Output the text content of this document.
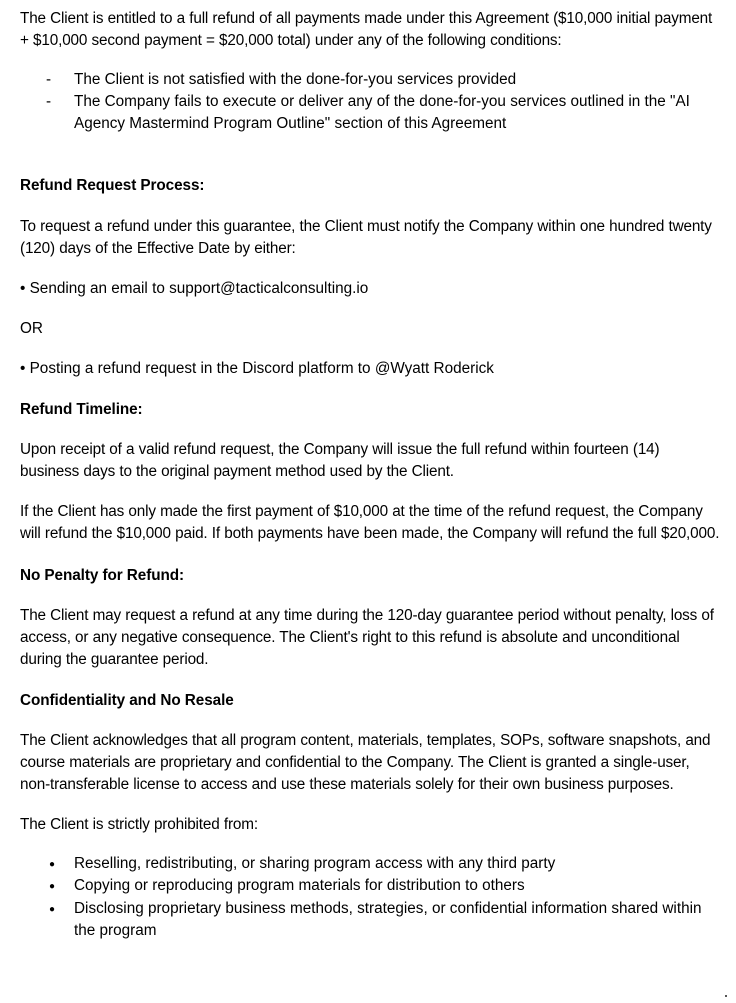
The Client is entitled to a full refund of all payments made under this Agreement ($10,000 initial payment + $10,000 second payment = $20,000 total) under any of the following conditions:

- The Client is not satisfied with the done-for-you services provided
- The Company fails to execute or deliver any of the done-for-you services outlined in the "AI Agency Mastermind Program Outline" section of this Agreement

Refund Request Process:

To request a refund under this guarantee, the Client must notify the Company within one hundred twenty (120) days of the Effective Date by either:

• Sending an email to support@tacticalconsulting.io

OR

• Posting a refund request in the Discord platform to @Wyatt Roderick

Refund Timeline:

Upon receipt of a valid refund request, the Company will issue the full refund within fourteen (14) business days to the original payment method used by the Client.

If the Client has only made the first payment of $10,000 at the time of the refund request, the Company will refund the $10,000 paid. If both payments have been made, the Company will refund the full $20,000.

No Penalty for Refund:

The Client may request a refund at any time during the 120-day guarantee period without penalty, loss of access, or any negative consequence. The Client's right to this refund is absolute and unconditional during the guarantee period.

Confidentiality and No Resale

The Client acknowledges that all program content, materials, templates, SOPs, software snapshots, and course materials are proprietary and confidential to the Company. The Client is granted a single-user, non-transferable license to access and use these materials solely for their own business purposes.

The Client is strictly prohibited from:

● Reselling, redistributing, or sharing program access with any third party
● Copying or reproducing program materials for distribution to others
● Disclosing proprietary business methods, strategies, or confidential information shared within the program
